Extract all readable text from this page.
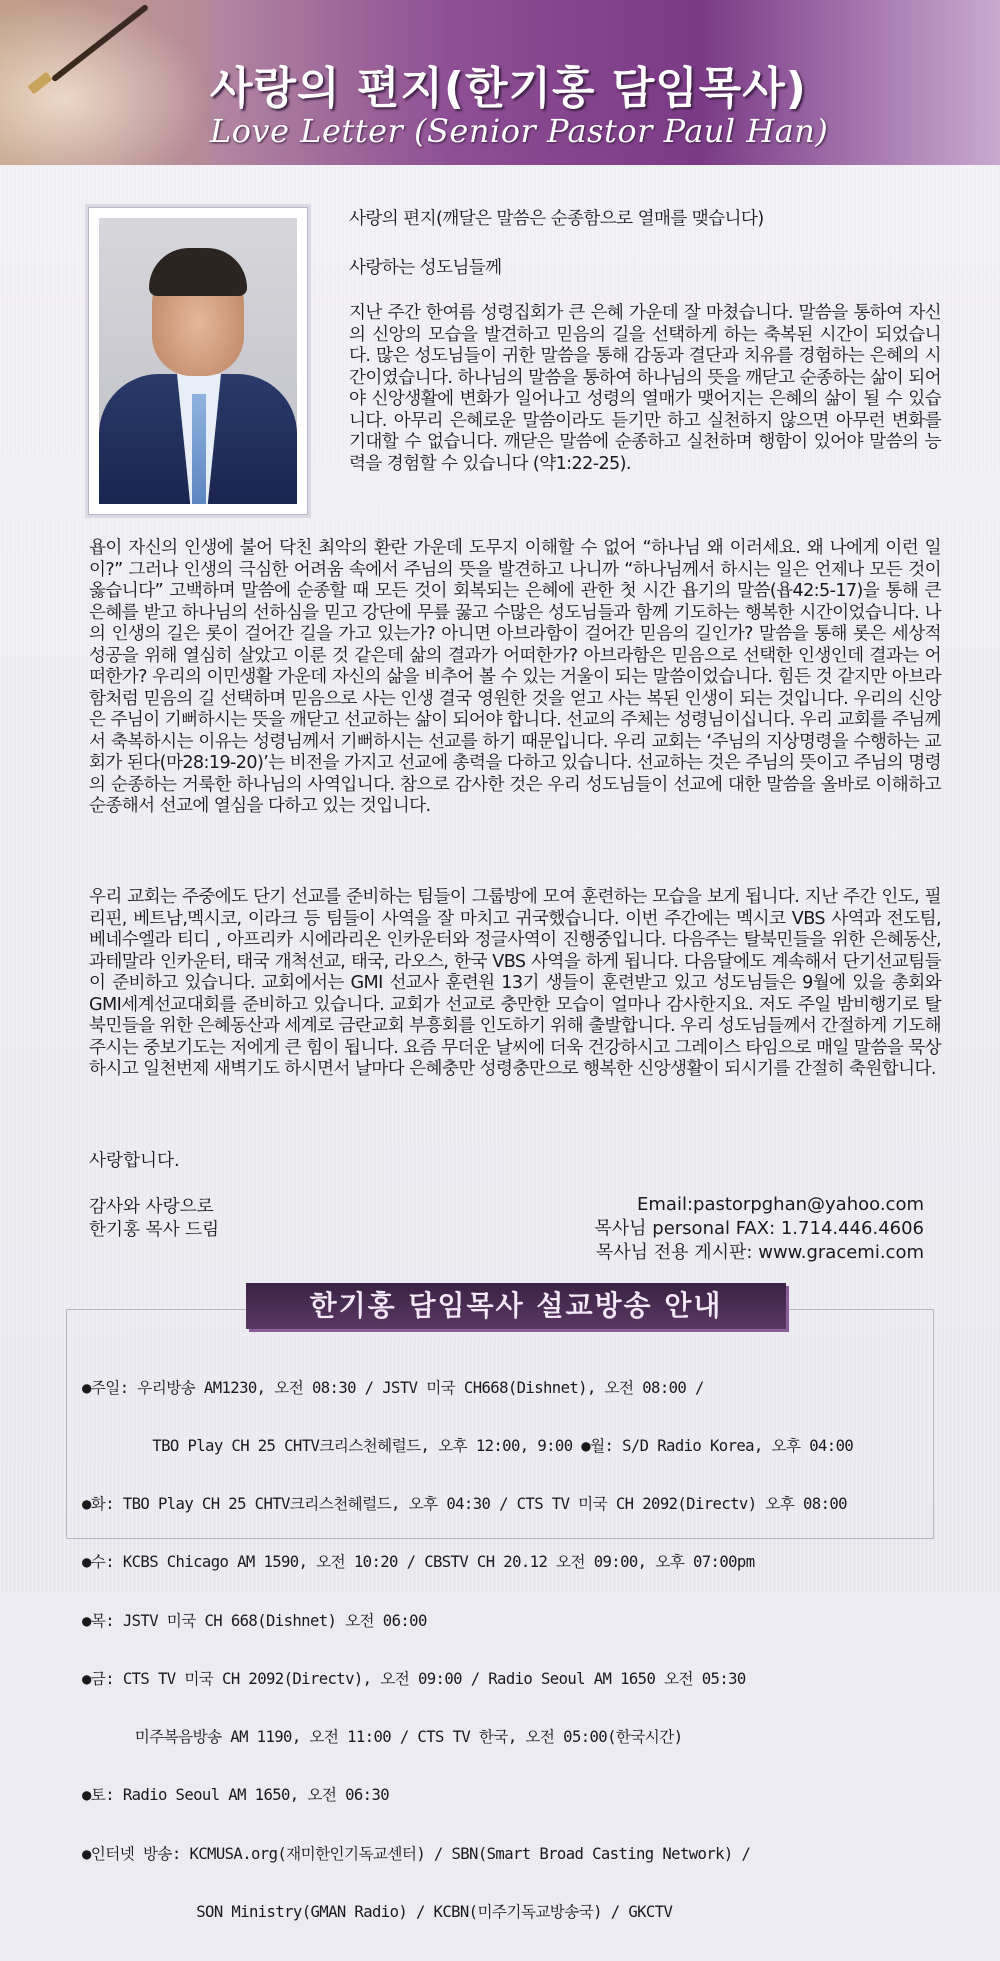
사랑의 편지(한기홍 담임목사)
Love Letter (Senior Pastor Paul Han)

사랑의 편지(깨달은 말씀은 순종함으로 열매를 맺습니다)

사랑하는 성도님들께

지난 주간 한여름 성령집회가 큰 은혜 가운데 잘 마쳤습니다. 말씀을 통하여 자신의 신앙의 모습을 발견하고 믿음의 길을 선택하게 하는 축복된 시간이 되었습니다. 많은 성도님들이 귀한 말씀을 통해 감동과 결단과 치유를 경험하는 은혜의 시간이였습니다. 하나님의 말씀을 통하여 하나님의 뜻을 깨닫고 순종하는 삶이 되어야 신앙생활에 변화가 일어나고 성령의 열매가 맺어지는 은혜의 삶이 될 수 있습니다. 아무리 은혜로운 말씀이라도 듣기만 하고 실천하지 않으면 아무런 변화를 기대할 수 없습니다. 깨닫은 말씀에 순종하고 실천하며 행함이 있어야 말씀의 능력을 경험할 수 있습니다 (약1:22-25).

욥이 자신의 인생에 불어 닥친 최악의 환란 가운데 도무지 이해할 수 없어 “하나님 왜 이러세요. 왜 나에게 이런 일이?” 그러나 인생의 극심한 어려움 속에서 주님의 뜻을 발견하고 나니까 “하나님께서 하시는 일은 언제나 모든 것이 옳습니다” 고백하며 말씀에 순종할 때 모든 것이 회복되는 은혜에 관한 첫 시간 욥기의 말씀(욥42:5-17)을 통해 큰 은혜를 받고 하나님의 선하심을 믿고 강단에 무릎 꿇고 수많은 성도님들과 함께 기도하는 행복한 시간이었습니다. 나의 인생의 길은 롯이 걸어간 길을 가고 있는가? 아니면 아브라함이 걸어간 믿음의 길인가? 말씀을 통해 롯은 세상적 성공을 위해 열심히 살았고 이룬 것 같은데 삶의 결과가 어떠한가? 아브라함은 믿음으로 선택한 인생인데 결과는 어떠한가? 우리의 이민생활 가운데 자신의 삶을 비추어 볼 수 있는 거울이 되는 말씀이었습니다. 힘든 것 같지만 아브라함처럼 믿음의 길 선택하며 믿음으로 사는 인생 결국 영원한 것을 얻고 사는 복된 인생이 되는 것입니다. 우리의 신앙은 주님이 기뻐하시는 뜻을 깨닫고 선교하는 삶이 되어야 합니다. 선교의 주체는 성령님이십니다. 우리 교회를 주님께서 축복하시는 이유는 성령님께서 기뻐하시는 선교를 하기 때문입니다. 우리 교회는 ‘주님의 지상명령을 수행하는 교회가 된다(마28:19-20)’는 비전을 가지고 선교에 총력을 다하고 있습니다. 선교하는 것은 주님의 뜻이고 주님의 명령의 순종하는 거룩한 하나님의 사역입니다. 참으로 감사한 것은 우리 성도님들이 선교에 대한 말씀을 올바로 이해하고 순종해서 선교에 열심을 다하고 있는 것입니다.

우리 교회는 주중에도 단기 선교를 준비하는 팀들이 그룹방에 모여 훈련하는 모습을 보게 됩니다. 지난 주간 인도, 필리핀, 베트남,멕시코, 이라크 등 팀들이 사역을 잘 마치고 귀국했습니다. 이번 주간에는 멕시코 VBS 사역과 전도팀, 베네수엘라 티디 , 아프리카 시에라리온 인카운터와 정글사역이 진행중입니다. 다음주는 탈북민들을 위한 은혜동산, 과테말라 인카운터, 태국 개척선교, 태국, 라오스, 한국 VBS 사역을 하게 됩니다. 다음달에도 계속해서 단기선교팀들이 준비하고 있습니다. 교회에서는 GMI 선교사 훈련원 13기 생들이 훈련받고 있고 성도님들은 9월에 있을 총회와 GMI세계선교대회를 준비하고 있습니다. 교회가 선교로 충만한 모습이 얼마나 감사한지요. 저도 주일 밤비행기로 탈북민들을 위한 은혜동산과 세계로 금란교회 부흥회를 인도하기 위해 출발합니다. 우리 성도님들께서 간절하게 기도해 주시는 중보기도는 저에게 큰 힘이 됩니다. 요즘 무더운 날씨에 더욱 건강하시고 그레이스 타임으로 매일 말씀을 묵상하시고 일천번제 새벽기도 하시면서 날마다 은혜충만 성령충만으로 행복한 신앙생활이 되시기를 간절히 축원합니다.

사랑합니다.
감사와 사랑으로
한기홍 목사 드림
Email:pastorpghan@yahoo.com
목사님 personal FAX: 1.714.446.4606
목사님 전용 게시판: www.gracemi.com
한기홍 담임목사 설교방송 안내

●주일: 우리방송 AM1230, 오전 08:30 / JSTV 미국 CH668(Dishnet), 오전 08:00 /

TBO Play CH 25 CHTV크리스천헤럴드, 오후 12:00, 9:00 ●월: S/D Radio Korea, 오후 04:00

●화: TBO Play CH 25 CHTV크리스천헤럴드, 오후 04:30 / CTS TV 미국 CH 2092(Directv) 오후 08:00

●수: KCBS Chicago AM 1590, 오전 10:20 / CBSTV CH 20.12 오전 09:00, 오후 07:00pm

●목: JSTV 미국 CH 668(Dishnet) 오전 06:00

●금: CTS TV 미국 CH 2092(Directv), 오전 09:00 / Radio Seoul AM 1650 오전 05:30

미주복음방송 AM 1190, 오전 11:00 / CTS TV 한국, 오전 05:00(한국시간)

●토: Radio Seoul AM 1650, 오전 06:30

●인터넷 방송: KCMUSA.org(재미한인기독교센터) / SBN(Smart Broad Casting Network) /

SON Ministry(GMAN Radio) / KCBN(미주기독교방송국) / GKCTV
